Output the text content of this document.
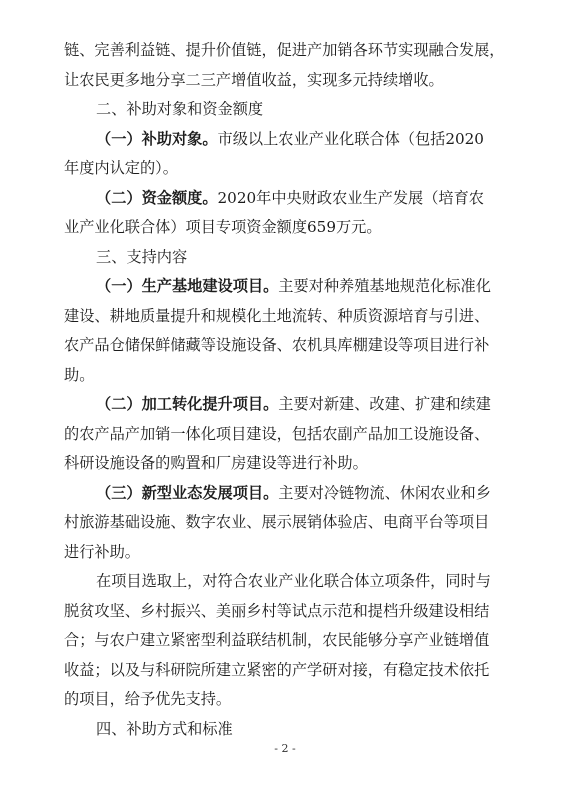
链、完善利益链、提升价值链，促进产加销各环节实现融合发展，
让农民更多地分享二三产增值收益，实现多元持续增收。
二、补助对象和资金额度
（一）补助对象。市级以上农业产业化联合体（包括2020
年度内认定的）。
（二）资金额度。2020年中央财政农业生产发展（培育农
业产业化联合体）项目专项资金额度659万元。
三、支持内容
（一）生产基地建设项目。主要对种养殖基地规范化标准化
建设、耕地质量提升和规模化土地流转、种质资源培育与引进、
农产品仓储保鲜储藏等设施设备、农机具库棚建设等项目进行补
助。
（二）加工转化提升项目。主要对新建、改建、扩建和续建
的农产品产加销一体化项目建设，包括农副产品加工设施设备、
科研设施设备的购置和厂房建设等进行补助。
（三）新型业态发展项目。主要对冷链物流、休闲农业和乡
村旅游基础设施、数字农业、展示展销体验店、电商平台等项目
进行补助。
在项目选取上，对符合农业产业化联合体立项条件，同时与
脱贫攻坚、乡村振兴、美丽乡村等试点示范和提档升级建设相结
合；与农户建立紧密型利益联结机制，农民能够分享产业链增值
收益；以及与科研院所建立紧密的产学研对接，有稳定技术依托
的项目，给予优先支持。
四、补助方式和标准
- 2 -
